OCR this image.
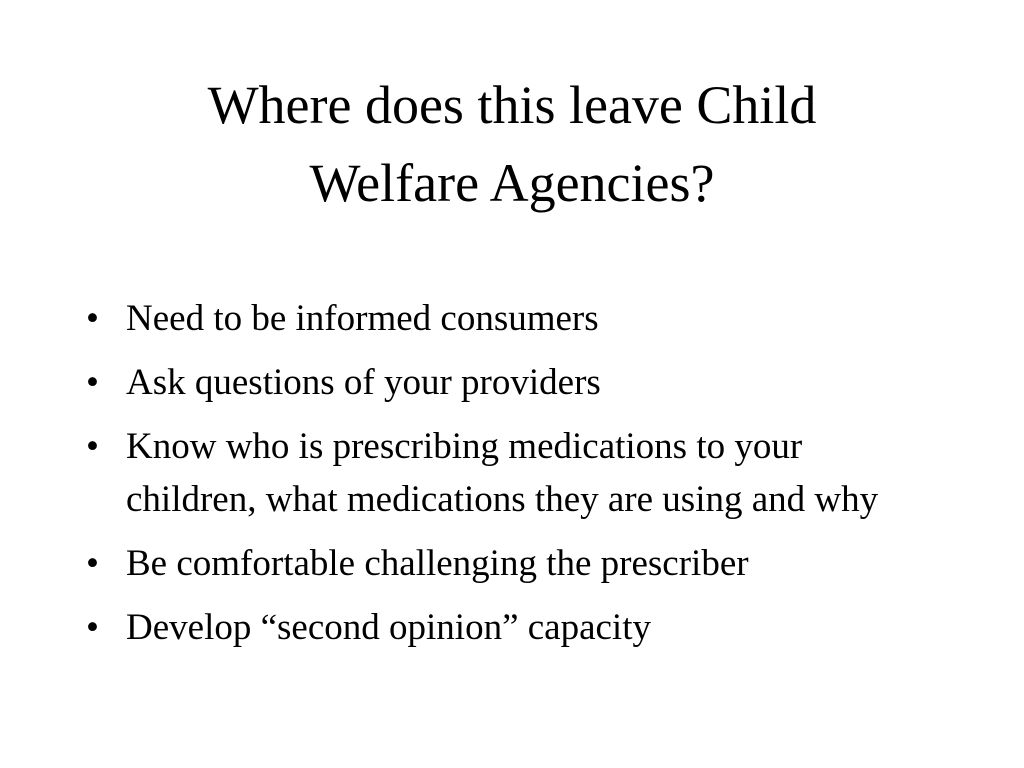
Where does this leave Child
Welfare Agencies?
• Need to be informed consumers
• Ask questions of your providers
• Know who is prescribing medications to your children, what medications they are using and why
• Be comfortable challenging the prescriber
• Develop “second opinion” capacity
